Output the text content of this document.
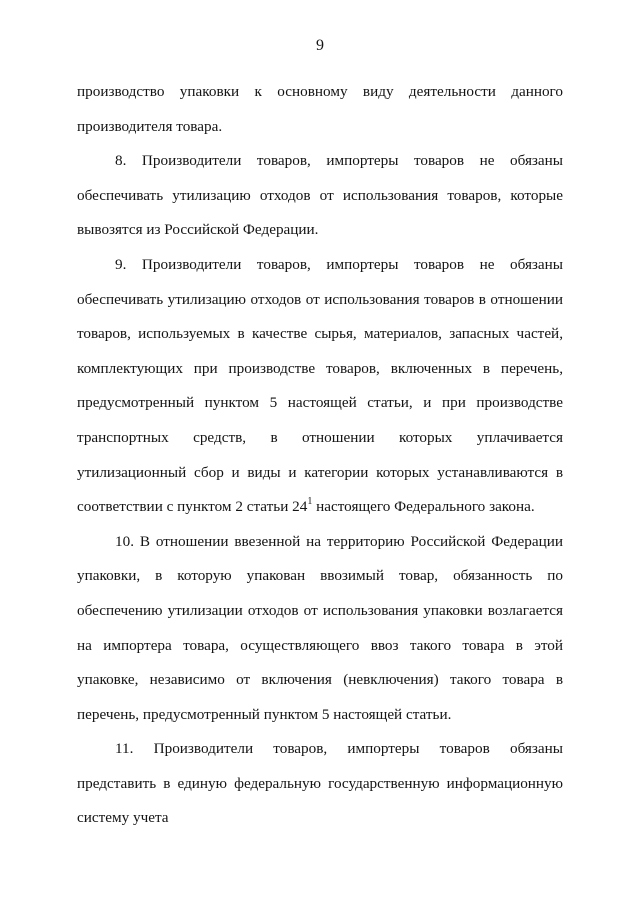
9

производство упаковки к основному виду деятельности данного производителя товара.

8. Производители товаров, импортеры товаров не обязаны обеспечивать утилизацию отходов от использования товаров, которые вывозятся из Российской Федерации.

9. Производители товаров, импортеры товаров не обязаны обеспечивать утилизацию отходов от использования товаров в отношении товаров, используемых в качестве сырья, материалов, запасных частей, комплектующих при производстве товаров, включенных в перечень, предусмотренный пунктом 5 настоящей статьи, и при производстве транспортных средств, в отношении которых уплачивается утилизационный сбор и виды и категории которых устанавливаются в соответствии с пунктом 2 статьи $24^1$ настоящего Федерального закона.

10. В отношении ввезенной на территорию Российской Федерации упаковки, в которую упакован ввозимый товар, обязанность по обеспечению утилизации отходов от использования упаковки возлагается на импортера товара, осуществляющего ввоз такого товара в этой упаковке, независимо от включения (невключения) такого товара в перечень, предусмотренный пунктом 5 настоящей статьи.

11. Производители товаров, импортеры товаров обязаны представить в единую федеральную государственную информационную систему учета
